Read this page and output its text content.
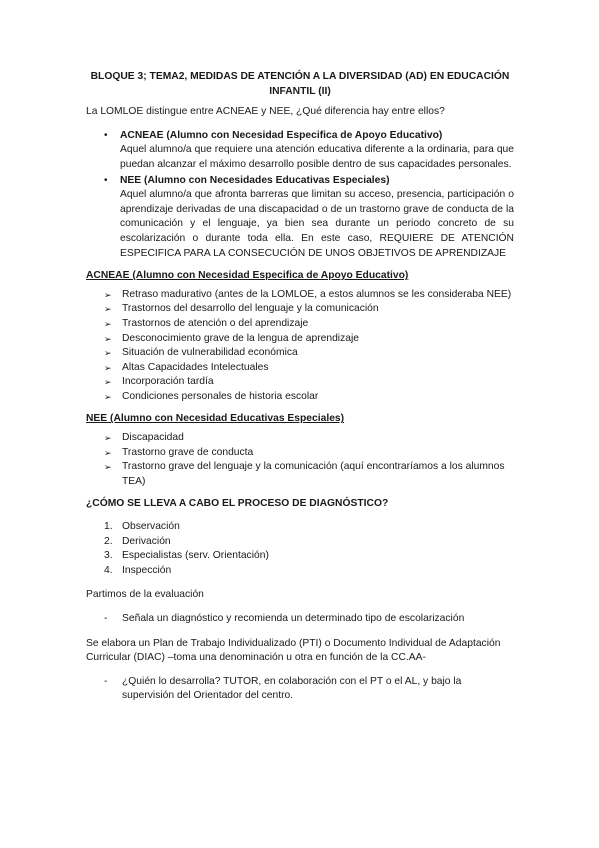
BLOQUE 3; TEMA2, MEDIDAS DE ATENCIÓN A LA DIVERSIDAD (AD) EN EDUCACIÓN INFANTIL (II)

La LOMLOE distingue entre ACNEAE y NEE, ¿Qué diferencia hay entre ellos?

• ACNEAE (Alumno con Necesidad Especifica de Apoyo Educativo)
Aquel alumno/a que requiere una atención educativa diferente a la ordinaria, para que puedan alcanzar el máximo desarrollo posible dentro de sus capacidades personales.
• NEE (Alumno con Necesidades Educativas Especiales)
Aquel alumno/a que afronta barreras que limitan su acceso, presencia, participación o aprendizaje derivadas de una discapacidad o de un trastorno grave de conducta de la comunicación y el lenguaje, ya bien sea durante un periodo concreto de su escolarización o durante toda ella. En este caso, REQUIERE DE ATENCIÓN ESPECIFICA PARA LA CONSECUCIÓN DE UNOS OBJETIVOS DE APRENDIZAJE

ACNEAE (Alumno con Necesidad Especifica de Apoyo Educativo)

➢ Retraso madurativo (antes de la LOMLOE, a estos alumnos se les consideraba NEE)
➢ Trastornos del desarrollo del lenguaje y la comunicación
➢ Trastornos de atención o del aprendizaje
➢ Desconocimiento grave de la lengua de aprendizaje
➢ Situación de vulnerabilidad económica
➢ Altas Capacidades Intelectuales
➢ Incorporación tardía
➢ Condiciones personales de historia escolar

NEE (Alumno con Necesidad Educativas Especiales)

➢ Discapacidad
➢ Trastorno grave de conducta
➢ Trastorno grave del lenguaje y la comunicación (aquí encontraríamos a los alumnos TEA)

¿CÓMO SE LLEVA A CABO EL PROCESO DE DIAGNÓSTICO?

1. Observación
2. Derivación
3. Especialistas (serv. Orientación)
4. Inspección

Partimos de la evaluación

- Señala un diagnóstico y recomienda un determinado tipo de escolarización

Se elabora un Plan de Trabajo Individualizado (PTI) o Documento Individual de Adaptación Curricular (DIAC) –toma una denominación u otra en función de la CC.AA-

- ¿Quién lo desarrolla? TUTOR, en colaboración con el PT o el AL, y bajo la supervisión del Orientador del centro.
